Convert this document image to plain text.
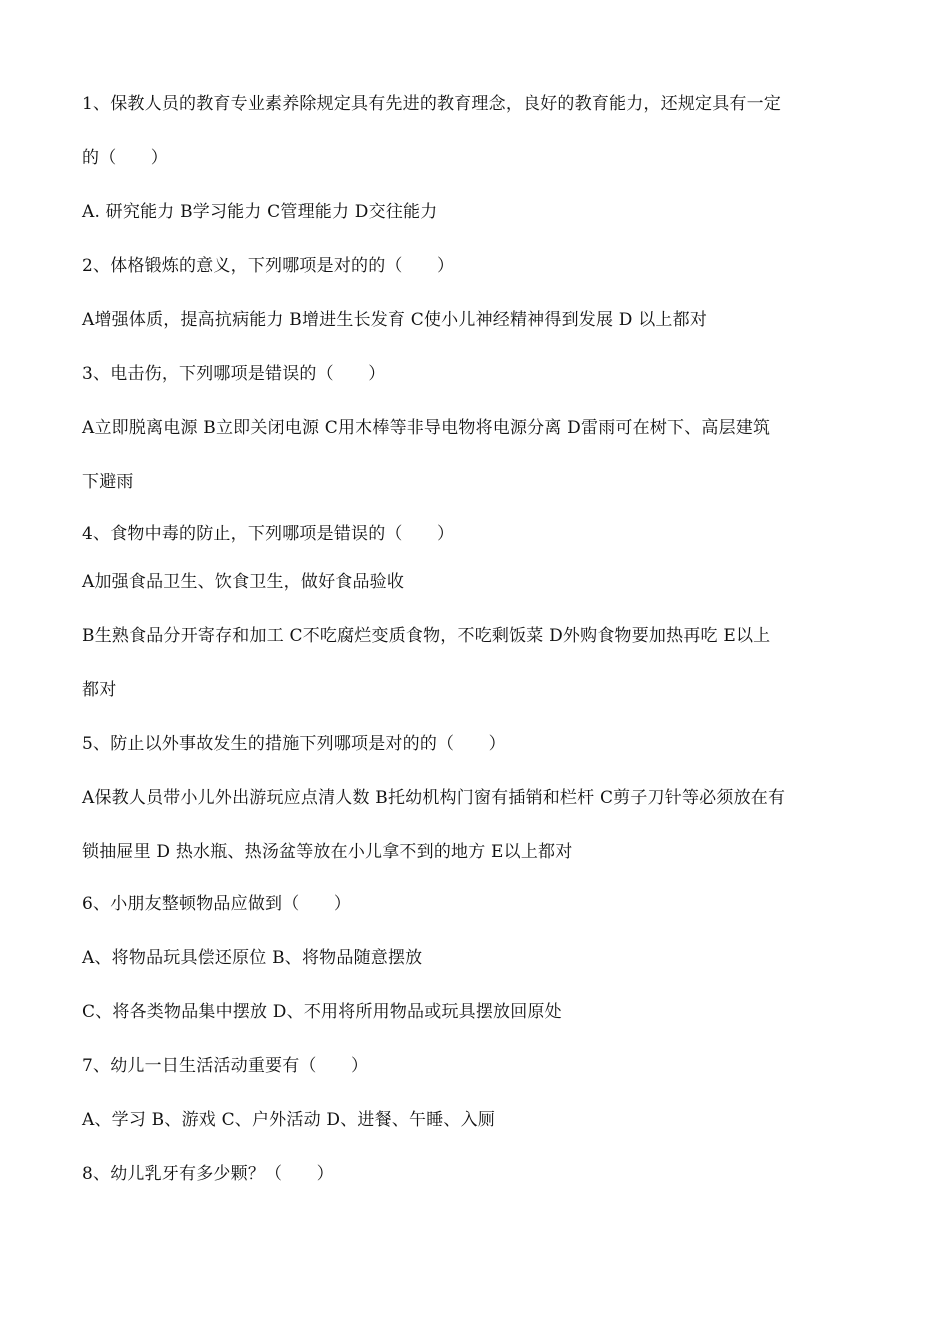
1、保教人员的教育专业素养除规定具有先进的教育理念，良好的教育能力，还规定具有一定
的（　　）
A. 研究能力 B学习能力 C管理能力 D交往能力
2、体格锻炼的意义，下列哪项是对的的（　　）
A增强体质，提高抗病能力 B增进生长发育 C使小儿神经精神得到发展 D 以上都对
3、电击伤，下列哪项是错误的（　　）
A立即脱离电源 B立即关闭电源 C用木棒等非导电物将电源分离 D雷雨可在树下、高层建筑
下避雨
4、食物中毒的防止，下列哪项是错误的（　　）
A加强食品卫生、饮食卫生，做好食品验收
B生熟食品分开寄存和加工 C不吃腐烂变质食物，不吃剩饭菜 D外购食物要加热再吃 E以上
都对
5、防止以外事故发生的措施下列哪项是对的的（　　）
A保教人员带小儿外出游玩应点清人数 B托幼机构门窗有插销和栏杆 C剪子刀针等必须放在有
锁抽屉里 D 热水瓶、热汤盆等放在小儿拿不到的地方 E以上都对
6、小朋友整顿物品应做到（　　）
A、将物品玩具偿还原位 B、将物品随意摆放
C、将各类物品集中摆放 D、不用将所用物品或玩具摆放回原处
7、幼儿一日生活活动重要有（　　）
A、学习 B、游戏 C、户外活动 D、进餐、午睡、入厕
8、幼儿乳牙有多少颗？（　　）
